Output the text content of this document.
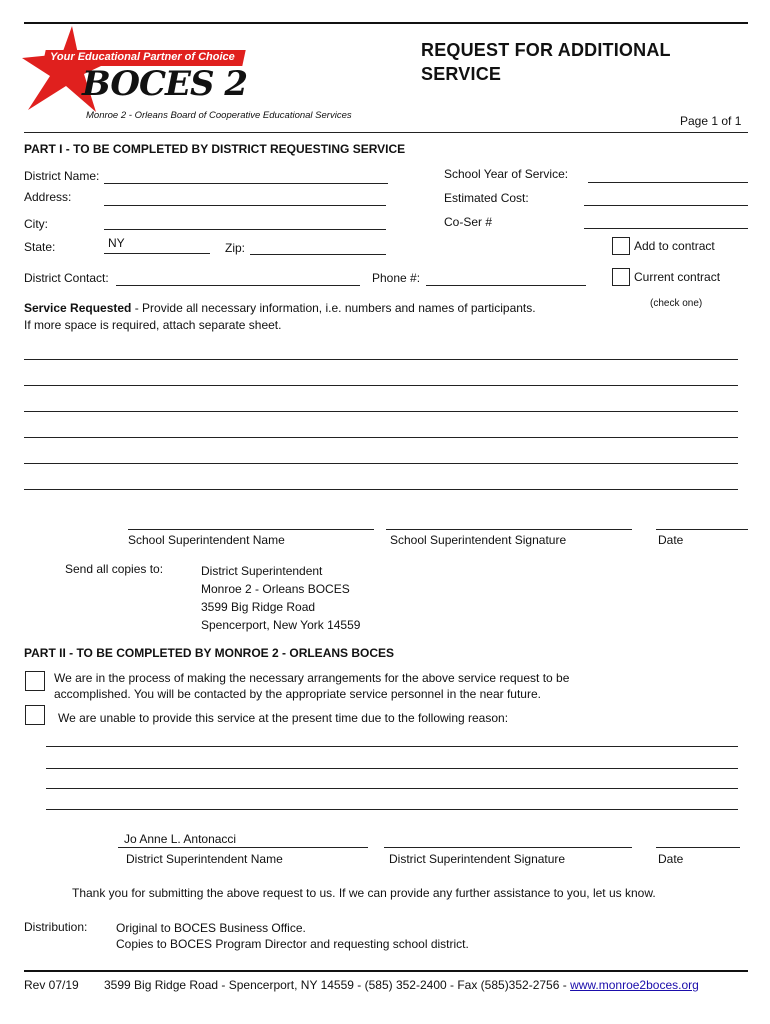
Your Educational Partner of Choice
BOCES 2
Monroe 2 - Orleans Board of Cooperative Educational Services
REQUEST FOR ADDITIONAL
SERVICE
Page 1 of 1
PART I - TO BE COMPLETED BY DISTRICT REQUESTING SERVICE
District Name:
Address:
City:
State:	NY	Zip:
District Contact:	Phone #:
School Year of Service:
Estimated Cost:
Co-Ser #
Add to contract
Current contract
(check one)
Service Requested - Provide all necessary information, i.e. numbers and names of participants.
If more space is required, attach separate sheet.
School Superintendent Name	School Superintendent Signature	Date
Send all copies to:	District Superintendent
Monroe 2 - Orleans BOCES
3599 Big Ridge Road
Spencerport, New York 14559
PART II - TO BE COMPLETED BY MONROE 2 - ORLEANS BOCES
We are in the process of making the necessary arrangements for the above service request to be
accomplished. You will be contacted by the appropriate service personnel in the near future.
We are unable to provide this service at the present time due to the following reason:
Jo Anne L. Antonacci
District Superintendent Name	District Superintendent Signature	Date
Thank you for submitting the above request to us. If we can provide any further assistance to you, let us know.
Distribution: Original to BOCES Business Office.
Copies to BOCES Program Director and requesting school district.
Rev 07/19 3599 Big Ridge Road - Spencerport, NY 14559 - (585) 352-2400 - Fax (585)352-2756 - www.monroe2boces.org
